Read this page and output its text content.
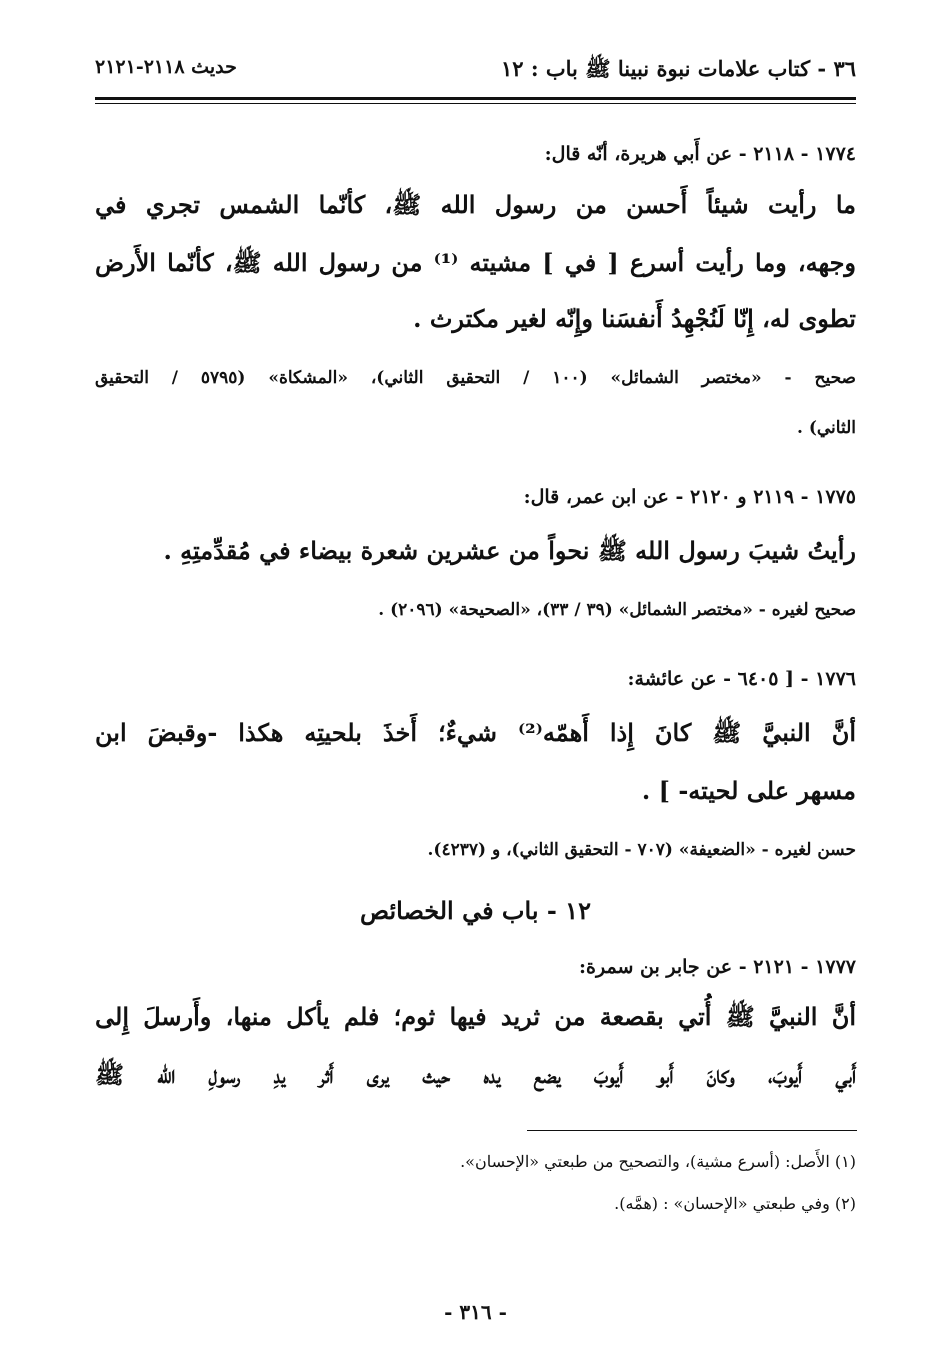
٣٦ - كتاب علامات نبوة نبينا ﷺ باب : ١٢
حديث ٢١١٨-٢١٢١
١٧٧٤ - ٢١١٨ - عن أَبي هريرة، أنّه قال:
ما رأيت شيئاً أَحسن من رسول الله ﷺ، كأنّما الشمس تجري في
وجهه، وما رأيت أسرع [ في ] مشيته ⁽¹⁾ من رسول الله ﷺ، كأنّما الأَرض
تطوى له، إِنّا لَنُجْهِدُ أَنفسَنا وإِنّه لغير مكترث .
صحيح - «مختصر الشمائل» (١٠٠ / التحقيق الثاني)، «المشكاة» (٥٧٩٥ / التحقيق
الثاني) .
١٧٧٥ - ٢١١٩ و ٢١٢٠ - عن ابن عمر، قال:
رأيتُ شيبَ رسول الله ﷺ نحواً من عشرين شعرة بيضاء في مُقدِّمتِهِ .
صحيح لغيره - «مختصر الشمائل» (٣٩ / ٣٣)، «الصحيحة» (٢٠٩٦) .
١٧٧٦ - [ ٦٤٠٥ - عن عائشة:
أنَّ النبيَّ ﷺ كانَ إِذا أَهمّه⁽²⁾ شيءٌ؛ أَخذَ بلحيتِه هكذا -وقبضَ ابن
مسهر على لحيته- ] .
حسن لغيره - «الضعيفة» (٧٠٧ - التحقيق الثاني)، و (٤٢٣٧).
١٢ - باب في الخصائص
١٧٧٧ - ٢١٢١ - عن جابر بن سمرة:
أنَّ النبيَّ ﷺ أُتي بقصعة من ثريد فيها ثوم؛ فلم يأكل منها، وأَرسلَ إِلى
أَبي أَيوبَ، وكانَ أَبو أَيوبَ يضع يده حيث يرى أَثر يدِ رسولِ الله ﷺ
(١) الأَصل: (أسرع مشية)، والتصحيح من طبعتي «الإحسان».
(٢) وفي طبعتي «الإحسان» : (همَّه).
- ٣١٦ -
